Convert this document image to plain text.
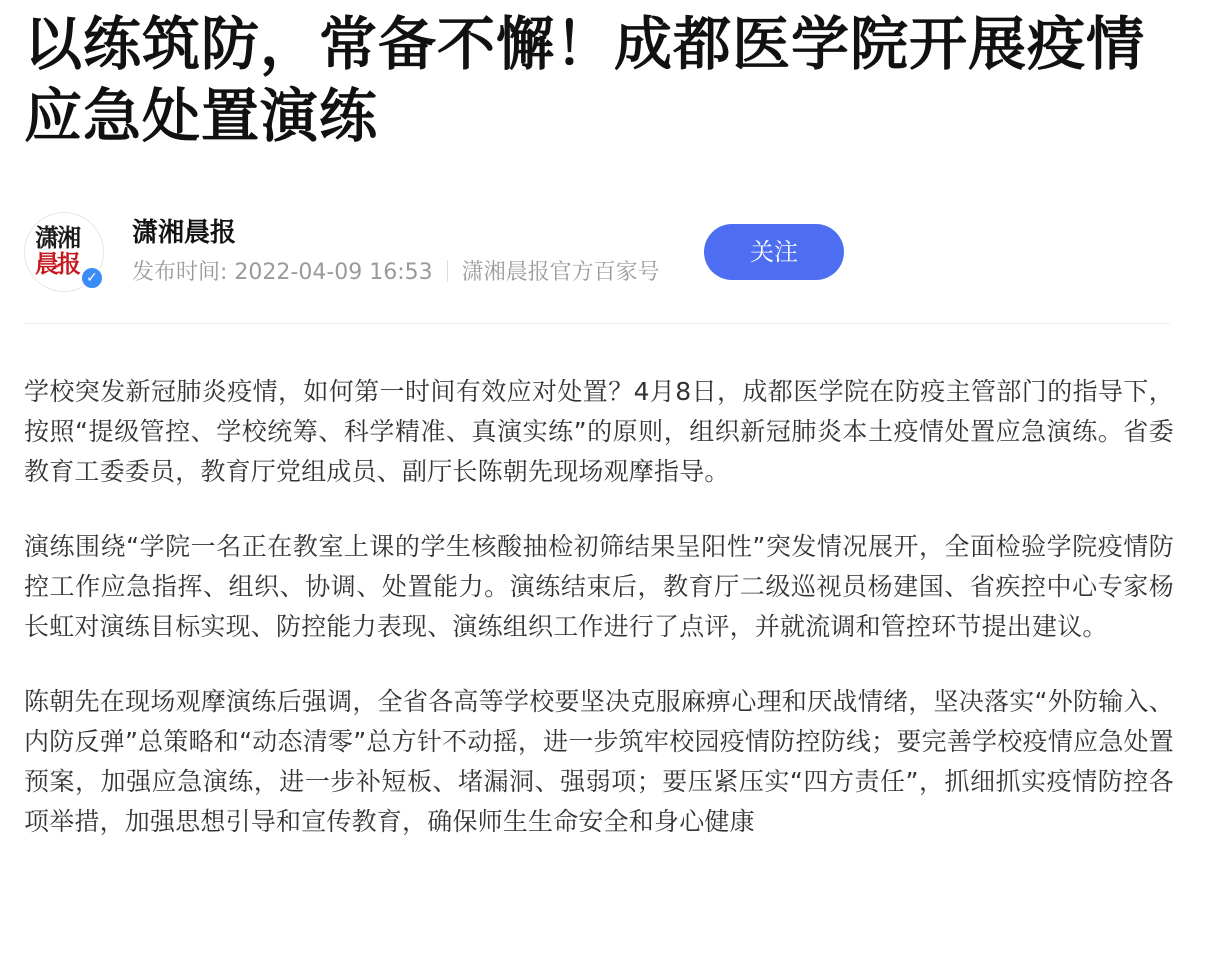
以练筑防，常备不懈！成都医学院开展疫情应急处置演练
潇湘
晨报 ✓
潇湘晨报
发布时间: 2022-04-09 16:53 潇湘晨报官方百家号
关注

学校突发新冠肺炎疫情，如何第一时间有效应对处置？4月8日，成都医学院在防疫主管部门的指导下，按照“提级管控、学校统筹、科学精准、真演实练”的原则，组织新冠肺炎本土疫情处置应急演练。省委教育工委委员，教育厅党组成员、副厅长陈朝先现场观摩指导。

演练围绕“学院一名正在教室上课的学生核酸抽检初筛结果呈阳性”突发情况展开，全面检验学院疫情防控工作应急指挥、组织、协调、处置能力。演练结束后，教育厅二级巡视员杨建国、省疾控中心专家杨长虹对演练目标实现、防控能力表现、演练组织工作进行了点评，并就流调和管控环节提出建议。

陈朝先在现场观摩演练后强调，全省各高等学校要坚决克服麻痹心理和厌战情绪，坚决落实“外防输入、内防反弹”总策略和“动态清零”总方针不动摇，进一步筑牢校园疫情防控防线；要完善学校疫情应急处置预案，加强应急演练，进一步补短板、堵漏洞、强弱项；要压紧压实“四方责任”，抓细抓实疫情防控各项举措，加强思想引导和宣传教育，确保师生生命安全和身心健康
